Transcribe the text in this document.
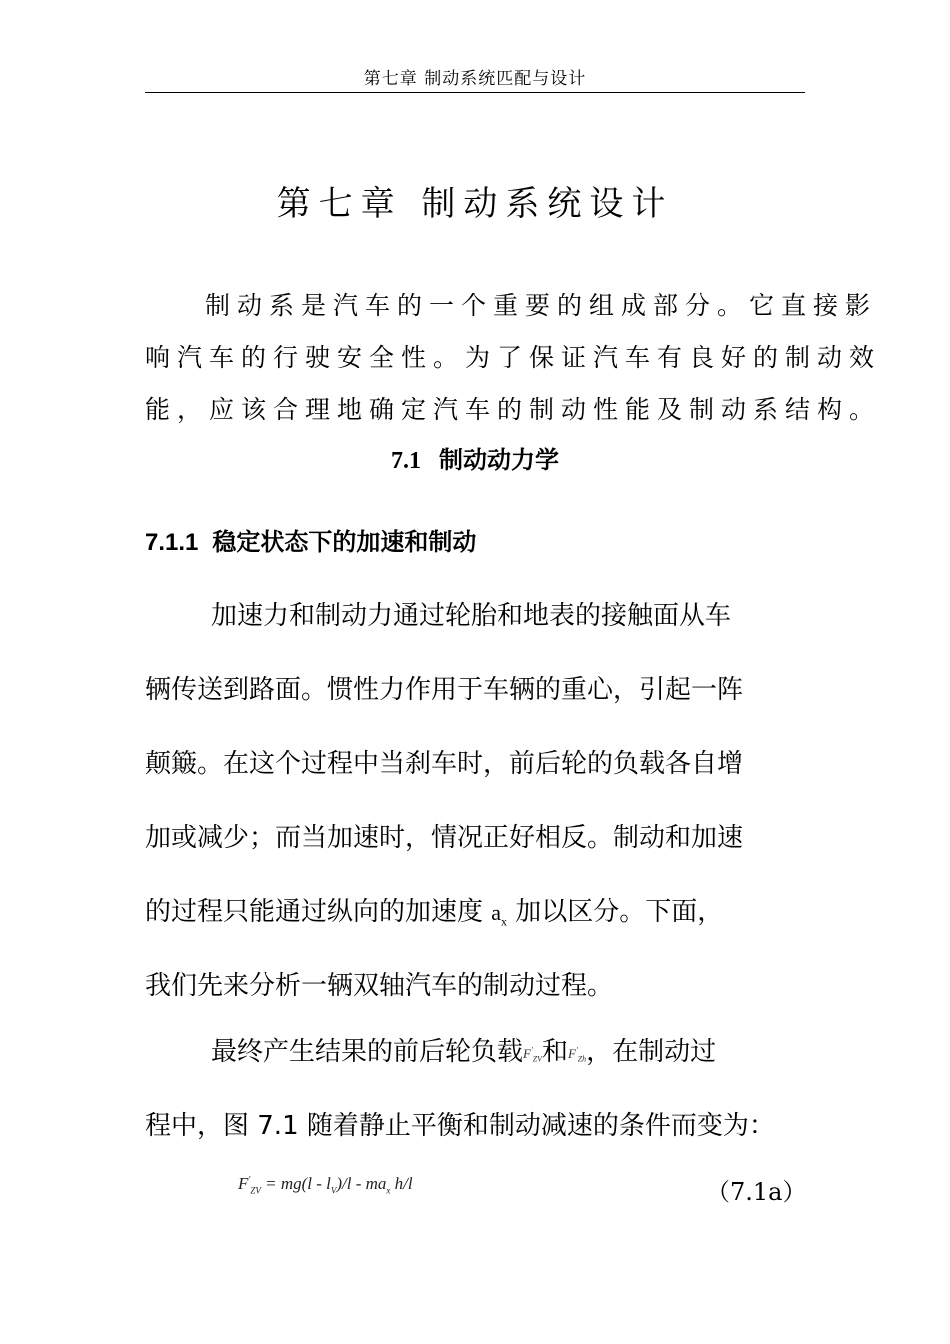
第七章 制动系统匹配与设计
第七章 制动系统设计
制动系是汽车的一个重要的组成部分。它直接影
响汽车的行驶安全性。为了保证汽车有良好的制动效
能，应该合理地确定汽车的制动性能及制动系结构。
7.1 制动动力学
7.1.1 稳定状态下的加速和制动
加速力和制动力通过轮胎和地表的接触面从车
辆传送到路面。惯性力作用于车辆的重心，引起一阵
颠簸。在这个过程中当刹车时，前后轮的负载各自增
加或减少；而当加速时，情况正好相反。制动和加速
的过程只能通过纵向的加速度 $a_x$ 加以区分。下面，
我们先来分析一辆双轴汽车的制动过程。
最终产生结果的前后轮负载$F'_{ZV}$和$F'_{Zh}$，在制动过
程中，图 7.1 随着静止平衡和制动减速的条件而变为：
$F'_{ZV} = mg(l - l_V)/l - ma_x$ h/l	（7.1a）
